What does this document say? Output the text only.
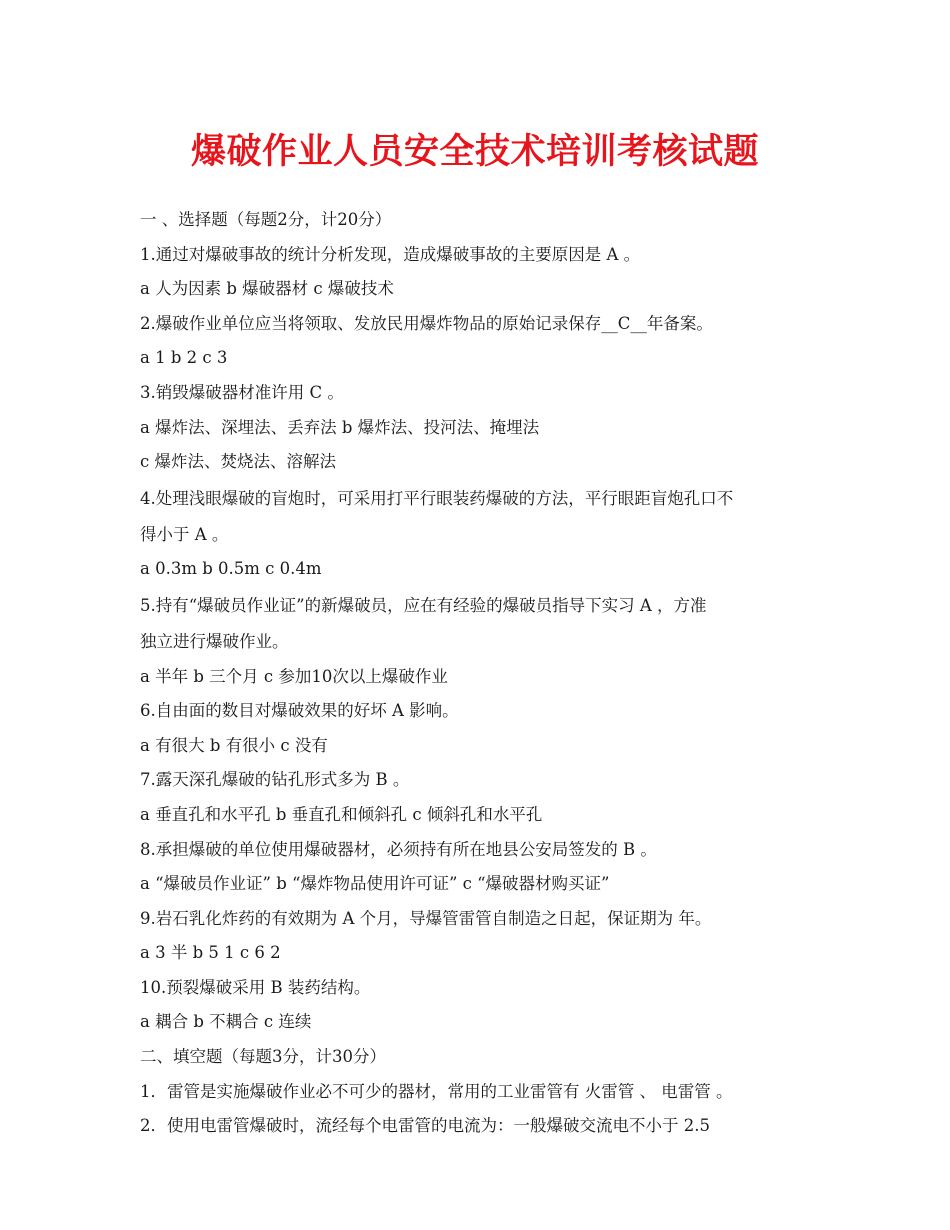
爆破作业人员安全技术培训考核试题
一 、选择题（每题2分，计20分）
1.通过对爆破事故的统计分析发现，造成爆破事故的主要原因是 A 。
a 人为因素 b 爆破器材 c 爆破技术
2.爆破作业单位应当将领取、发放民用爆炸物品的原始记录保存__C__年备案。
a 1 b 2 c 3
3.销毁爆破器材准许用 C 。
a 爆炸法、深埋法、丢弃法 b 爆炸法、投河法、掩埋法
c 爆炸法、焚烧法、溶解法
4.处理浅眼爆破的盲炮时，可采用打平行眼装药爆破的方法，平行眼距盲炮孔口不
得小于 A 。
a 0.3m b 0.5m c 0.4m
5.持有“爆破员作业证”的新爆破员，应在有经验的爆破员指导下实习 A ，方准
独立进行爆破作业。
a 半年 b 三个月 c 参加10次以上爆破作业
6.自由面的数目对爆破效果的好坏 A 影响。
a 有很大 b 有很小 c 没有
7.露天深孔爆破的钻孔形式多为 B 。
a 垂直孔和水平孔 b 垂直孔和倾斜孔 c 倾斜孔和水平孔
8.承担爆破的单位使用爆破器材，必须持有所在地县公安局签发的 B 。
a “爆破员作业证” b “爆炸物品使用许可证” c “爆破器材购买证”
9.岩石乳化炸药的有效期为 A 个月，导爆管雷管自制造之日起，保证期为 年。
a 3 半 b 5 1 c 6 2
10.预裂爆破采用 B 装药结构。
a 耦合 b 不耦合 c 连续
二、填空题（每题3分，计30分）
1．雷管是实施爆破作业必不可少的器材，常用的工业雷管有 火雷管 、 电雷管 。
2．使用电雷管爆破时，流经每个电雷管的电流为：一般爆破交流电不小于 2.5
